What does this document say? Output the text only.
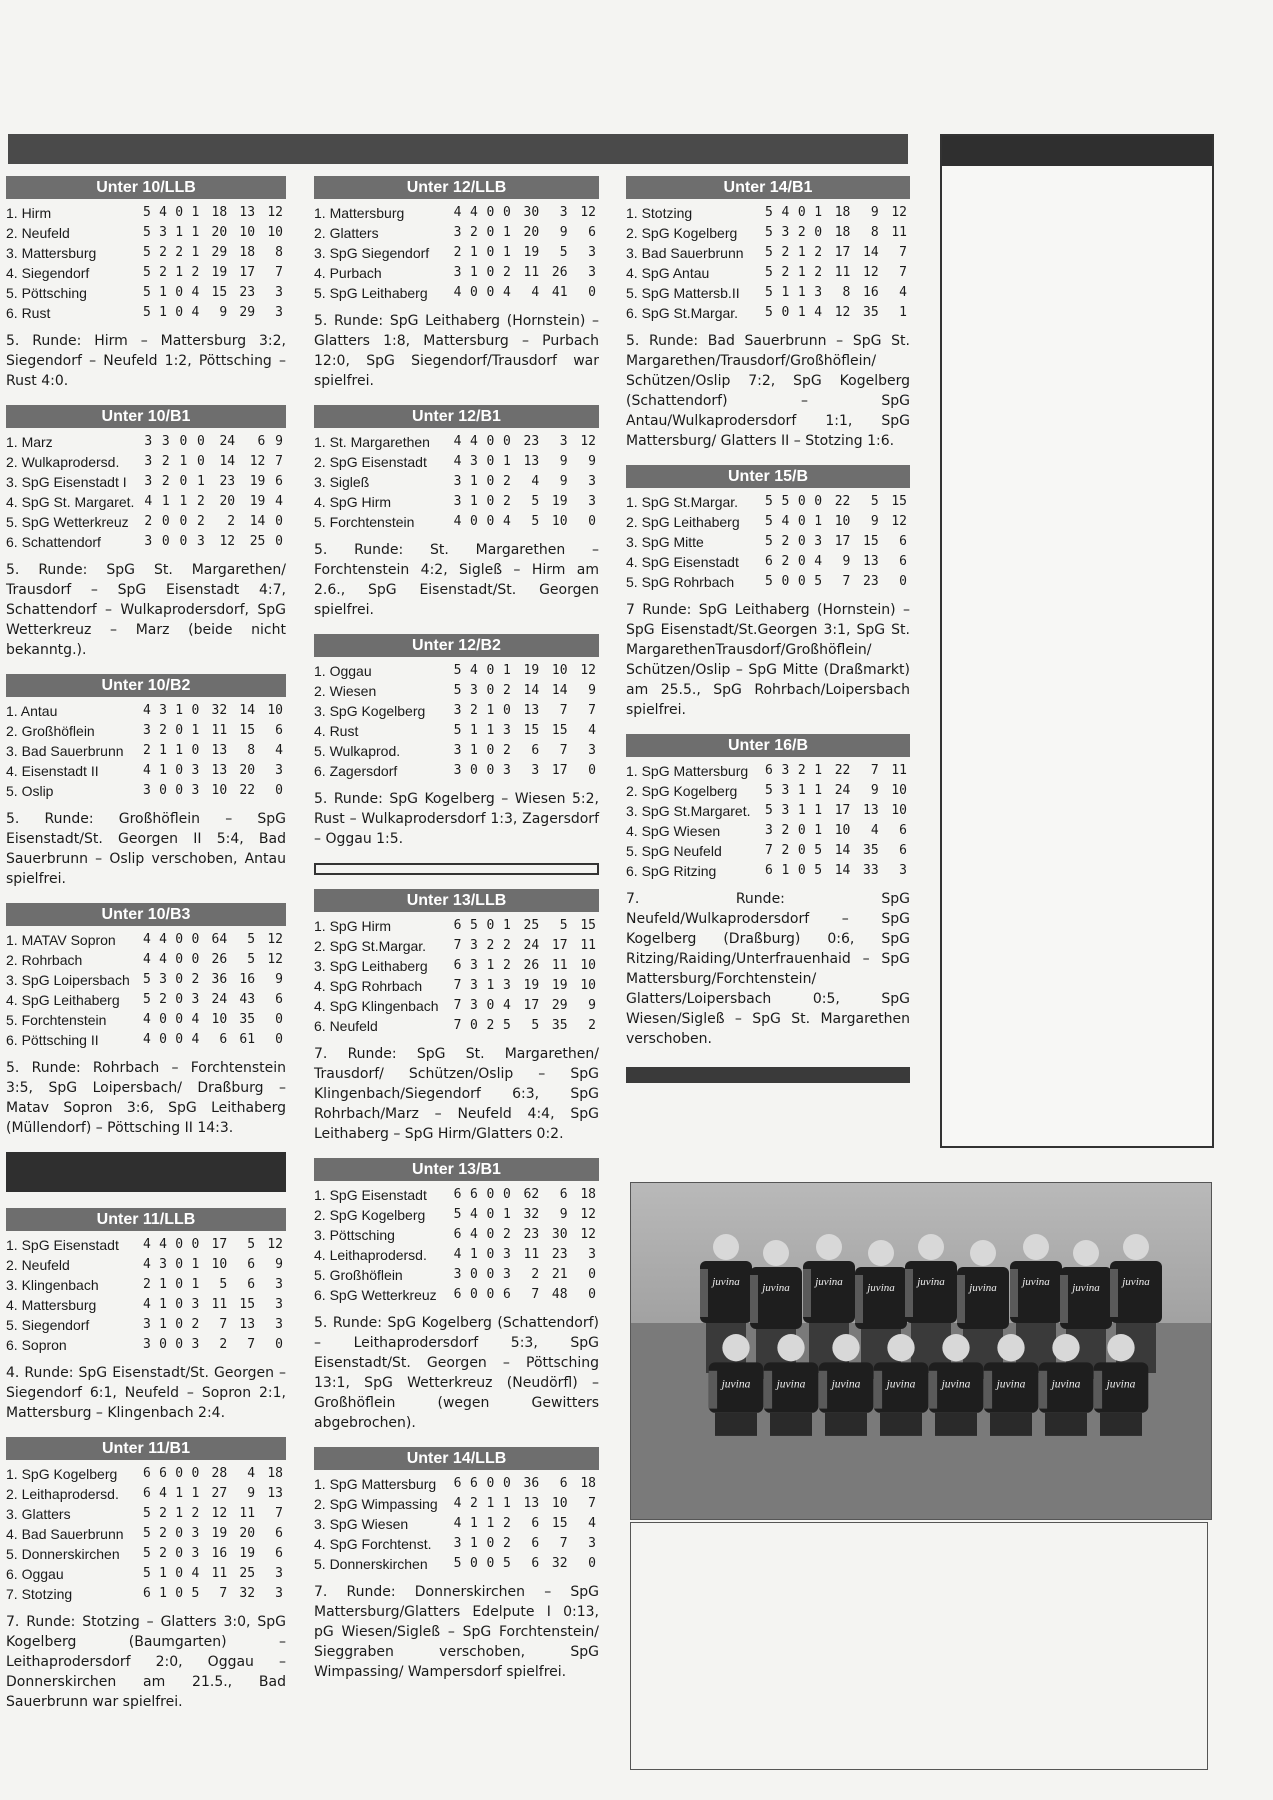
Unter 10/LLB
1. Hirm	5	4	0	1	18	13	12
2. Neufeld	5	3	1	1	20	10	10
3. Mattersburg	5	2	2	1	29	18	8
4. Siegendorf	5	2	1	2	19	17	7
5. Pöttsching	5	1	0	4	15	23	3
6. Rust	5	1	0	4	9	29	3
5. Runde: Hirm – Mattersburg 3:2, Siegendorf – Neufeld 1:2, Pöttsching – Rust 4:0.
Unter 10/B1
1. Marz	3	3	0	0	24	6	9
2. Wulkaprodersd.	3	2	1	0	14	12	7
3. SpG Eisenstadt I	3	2	0	1	23	19	6
4. SpG St. Margaret.	4	1	1	2	20	19	4
5. SpG Wetterkreuz	2	0	0	2	2	14	0
6. Schattendorf	3	0	0	3	12	25	0
5. Runde: SpG St. Margarethen/ Trausdorf – SpG Eisenstadt 4:7, Schattendorf – Wulkaprodersdorf, SpG Wetterkreuz – Marz (beide nicht bekanntg.).
Unter 10/B2
1. Antau	4	3	1	0	32	14	10
2. Großhöflein	3	2	0	1	11	15	6
3. Bad Sauerbrunn	2	1	1	0	13	8	4
4. Eisenstadt II	4	1	0	3	13	20	3
5. Oslip	3	0	0	3	10	22	0
5. Runde: Großhöflein – SpG Eisenstadt/St. Georgen II 5:4, Bad Sauerbrunn – Oslip verschoben, Antau spielfrei.
Unter 10/B3
1. MATAV Sopron	4	4	0	0	64	5	12
2. Rohrbach	4	4	0	0	26	5	12
3. SpG Loipersbach	5	3	0	2	36	16	9
4. SpG Leithaberg	5	2	0	3	24	43	6
5. Forchtenstein	4	0	0	4	10	35	0
6. Pöttsching II	4	0	0	4	6	61	0
5. Runde: Rohrbach – Forchtenstein 3:5, SpG Loipersbach/ Draßburg – Matav Sopron 3:6, SpG Leithaberg (Müllendorf) – Pöttsching II 14:3.
Unter 11/LLB
1. SpG Eisenstadt	4	4	0	0	17	5	12
2. Neufeld	4	3	0	1	10	6	9
3. Klingenbach	2	1	0	1	5	6	3
4. Mattersburg	4	1	0	3	11	15	3
5. Siegendorf	3	1	0	2	7	13	3
6. Sopron	3	0	0	3	2	7	0
4. Runde: SpG Eisenstadt/St. Georgen – Siegendorf 6:1, Neufeld – Sopron 2:1, Mattersburg – Klingenbach 2:4.
Unter 11/B1
1. SpG Kogelberg	6	6	0	0	28	4	18
2. Leithaprodersd.	6	4	1	1	27	9	13
3. Glatters	5	2	1	2	12	11	7
4. Bad Sauerbrunn	5	2	0	3	19	20	6
5. Donnerskirchen	5	2	0	3	16	19	6
6. Oggau	5	1	0	4	11	25	3
7. Stotzing	6	1	0	5	7	32	3
7. Runde: Stotzing – Glatters 3:0, SpG Kogelberg (Baumgarten) – Leithaprodersdorf 2:0, Oggau – Donnerskirchen am 21.5., Bad Sauerbrunn war spielfrei.
Unter 12/LLB
1. Mattersburg	4	4	0	0	30	3	12
2. Glatters	3	2	0	1	20	9	6
3. SpG Siegendorf	2	1	0	1	19	5	3
4. Purbach	3	1	0	2	11	26	3
5. SpG Leithaberg	4	0	0	4	4	41	0
5. Runde: SpG Leithaberg (Hornstein) – Glatters 1:8, Mattersburg – Purbach 12:0, SpG Siegendorf/Trausdorf war spielfrei.
Unter 12/B1
1. St. Margarethen	4	4	0	0	23	3	12
2. SpG Eisenstadt	4	3	0	1	13	9	9
3. Sigleß	3	1	0	2	4	9	3
4. SpG Hirm	3	1	0	2	5	19	3
5. Forchtenstein	4	0	0	4	5	10	0
5. Runde: St. Margarethen – Forchtenstein 4:2, Sigleß – Hirm am 2.6., SpG Eisenstadt/St. Georgen spielfrei.
Unter 12/B2
1. Oggau	5	4	0	1	19	10	12
2. Wiesen	5	3	0	2	14	14	9
3. SpG Kogelberg	3	2	1	0	13	7	7
4. Rust	5	1	1	3	15	15	4
5. Wulkaprod.	3	1	0	2	6	7	3
6. Zagersdorf	3	0	0	3	3	17	0
5. Runde: SpG Kogelberg – Wiesen 5:2, Rust – Wulkaprodersdorf 1:3, Zagersdorf – Oggau 1:5.
Unter 13/LLB
1. SpG Hirm	6	5	0	1	25	5	15
2. SpG St.Margar.	7	3	2	2	24	17	11
3. SpG Leithaberg	6	3	1	2	26	11	10
4. SpG Rohrbach	7	3	1	3	19	19	10
4. SpG Klingenbach	7	3	0	4	17	29	9
6. Neufeld	7	0	2	5	5	35	2
7. Runde: SpG St. Margarethen/ Trausdorf/ Schützen/Oslip – SpG Klingenbach/Siegendorf 6:3, SpG Rohrbach/Marz – Neufeld 4:4, SpG Leithaberg – SpG Hirm/Glatters 0:2.
Unter 13/B1
1. SpG Eisenstadt	6	6	0	0	62	6	18
2. SpG Kogelberg	5	4	0	1	32	9	12
3. Pöttsching	6	4	0	2	23	30	12
4. Leithaprodersd.	4	1	0	3	11	23	3
5. Großhöflein	3	0	0	3	2	21	0
6. SpG Wetterkreuz	6	0	0	6	7	48	0
5. Runde: SpG Kogelberg (Schattendorf) – Leithaprodersdorf 5:3, SpG Eisenstadt/St. Georgen – Pöttsching 13:1, SpG Wetterkreuz (Neudörfl) – Großhöflein (wegen Gewitters abgebrochen).
Unter 14/LLB
1. SpG Mattersburg	6	6	0	0	36	6	18
2. SpG Wimpassing	4	2	1	1	13	10	7
3. SpG Wiesen	4	1	1	2	6	15	4
4. SpG Forchtenst.	3	1	0	2	6	7	3
5. Donnerskirchen	5	0	0	5	6	32	0
7. Runde: Donnerskirchen – SpG Mattersburg/Glatters Edelpute I 0:13, pG Wiesen/Sigleß – SpG Forchtenstein/ Sieggraben verschoben, SpG Wimpassing/ Wampersdorf spielfrei.
Unter 14/B1
1. Stotzing	5	4	0	1	18	9	12
2. SpG Kogelberg	5	3	2	0	18	8	11
3. Bad Sauerbrunn	5	2	1	2	17	14	7
4. SpG Antau	5	2	1	2	11	12	7
5. SpG Mattersb.II	5	1	1	3	8	16	4
6. SpG St.Margar.	5	0	1	4	12	35	1
5. Runde: Bad Sauerbrunn – SpG St. Margarethen/Trausdorf/Großhöflein/ Schützen/Oslip 7:2, SpG Kogelberg (Schattendorf) – SpG Antau/Wulkaprodersdorf 1:1, SpG Mattersburg/ Glatters II – Stotzing 1:6.
Unter 15/B
1. SpG St.Margar.	5	5	0	0	22	5	15
2. SpG Leithaberg	5	4	0	1	10	9	12
3. SpG Mitte	5	2	0	3	17	15	6
4. SpG Eisenstadt	6	2	0	4	9	13	6
5. SpG Rohrbach	5	0	0	5	7	23	0
7 Runde: SpG Leithaberg (Hornstein) – SpG Eisenstadt/St.Georgen 3:1, SpG St. MargarethenTrausdorf/Großhöflein/ Schützen/Oslip – SpG Mitte (Draßmarkt) am 25.5., SpG Rohrbach/Loipersbach spielfrei.
Unter 16/B
1. SpG Mattersburg	6	3	2	1	22	7	11
2. SpG Kogelberg	5	3	1	1	24	9	10
3. SpG St.Margaret.	5	3	1	1	17	13	10
4. SpG Wiesen	3	2	0	1	10	4	6
5. SpG Neufeld	7	2	0	5	14	35	6
6. SpG Ritzing	6	1	0	5	14	33	3
7. Runde: SpG Neufeld/Wulkaprodersdorf – SpG Kogelberg (Draßburg) 0:6, SpG Ritzing/Raiding/Unterfrauenhaid – SpG Mattersburg/Forchtenstein/ Glatters/Loipersbach 0:5, SpG Wiesen/Sigleß – SpG St. Margarethen verschoben.

juvina juvina juvina juvina juvina juvina juvina juvina juvina
juvina juvina juvina juvina juvina juvina juvina juvina
